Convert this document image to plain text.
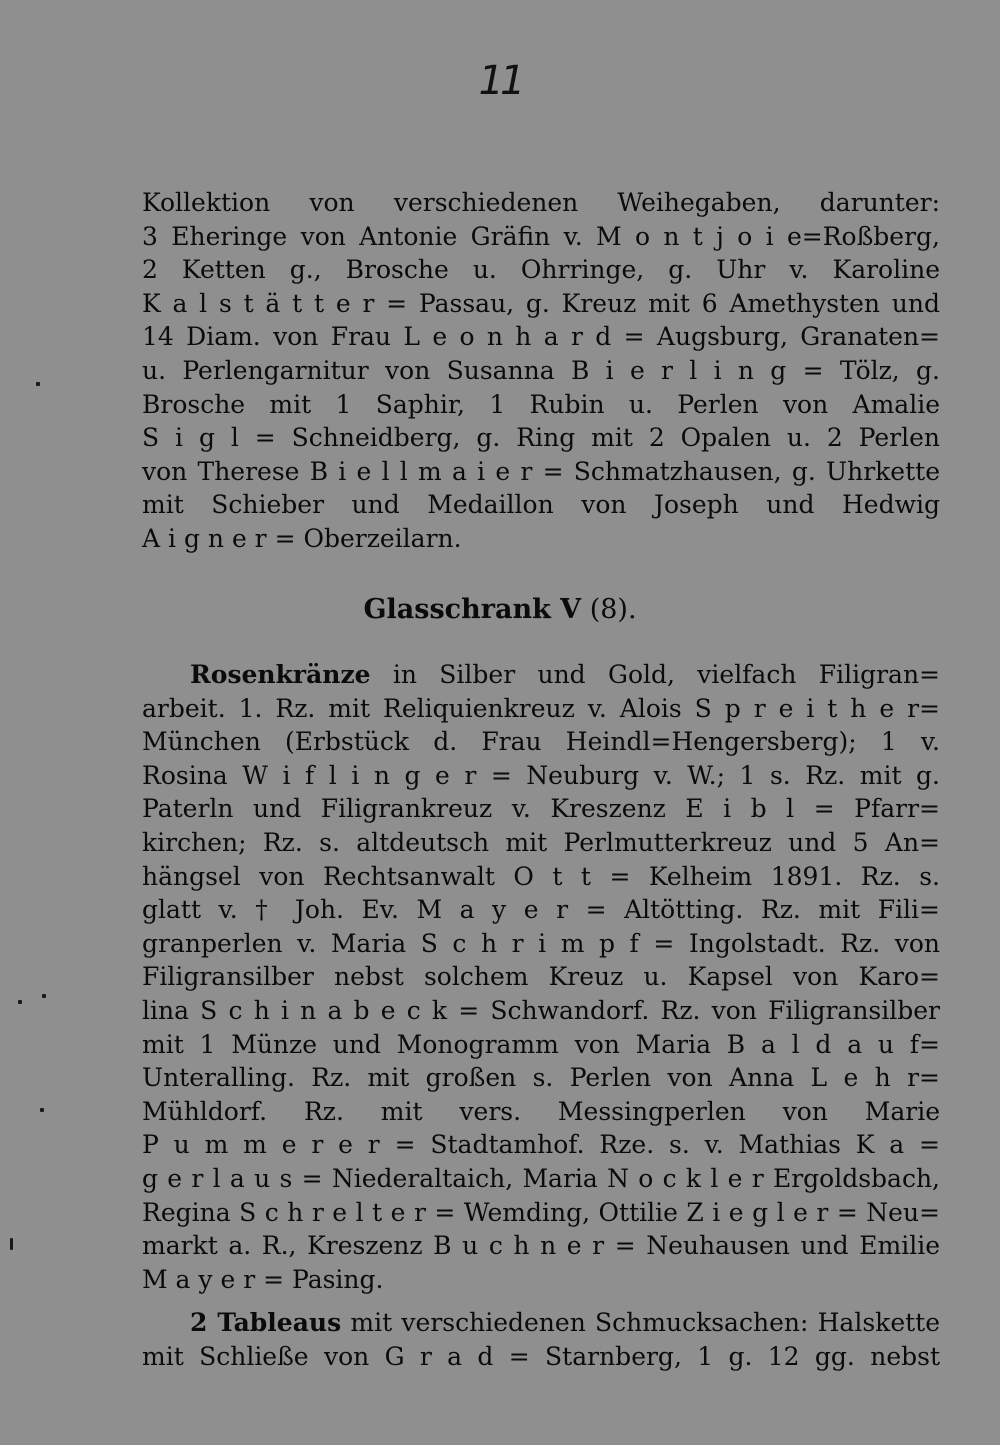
11
Kollektion von verschiedenen Weihegaben, darunter:
3 Eheringe von Antonie Gräfin v. M o n t j o i e=Roßberg,
2 Ketten g., Brosche u. Ohrringe, g. Uhr v. Karoline
K a l s t ä t t e r = Passau, g. Kreuz mit 6 Amethysten und
14 Diam. von Frau L e o n h a r d = Augsburg, Granaten=
u. Perlengarnitur von Susanna B i e r l i n g = Tölz, g.
Brosche mit 1 Saphir, 1 Rubin u. Perlen von Amalie
S i g l = Schneidberg, g. Ring mit 2 Opalen u. 2 Perlen
von Therese B i e l l m a i e r = Schmatzhausen, g. Uhrkette
mit Schieber und Medaillon von Joseph und Hedwig
A i g n e r = Oberzeilarn.
Glasschrank V (8).
Rosenkränze in Silber und Gold, vielfach Filigran=
arbeit. 1. Rz. mit Reliquienkreuz v. Alois S p r e i t h e r=
München (Erbstück d. Frau Heindl=Hengersberg); 1 v.
Rosina W i f l i n g e r = Neuburg v. W.; 1 s. Rz. mit g.
Paterln und Filigrankreuz v. Kreszenz E i b l = Pfarr=
kirchen; Rz. s. altdeutsch mit Perlmutterkreuz und 5 An=
hängsel von Rechtsanwalt O t t = Kelheim 1891. Rz. s.
glatt v. † Joh. Ev. M a y e r = Altötting. Rz. mit Fili=
granperlen v. Maria S c h r i m p f = Ingolstadt. Rz. von
Filigransilber nebst solchem Kreuz u. Kapsel von Karo=
lina S c h i n a b e c k = Schwandorf. Rz. von Filigransilber
mit 1 Münze und Monogramm von Maria B a l d a u f=
Unteralling. Rz. mit großen s. Perlen von Anna L e h r=
Mühldorf. Rz. mit vers. Messingperlen von Marie
P u m m e r e r = Stadtamhof. Rze. s. v. Mathias K a =
g e r l a u s = Niederaltaich, Maria N o c k l e r Ergoldsbach,
Regina S c h r e l t e r = Wemding, Ottilie Z i e g l e r = Neu=
markt a. R., Kreszenz B u c h n e r = Neuhausen und Emilie
M a y e r = Pasing.
2 Tableaus mit verschiedenen Schmucksachen: Halskette
mit Schließe von G r a d = Starnberg, 1 g. 12 gg. nebst
